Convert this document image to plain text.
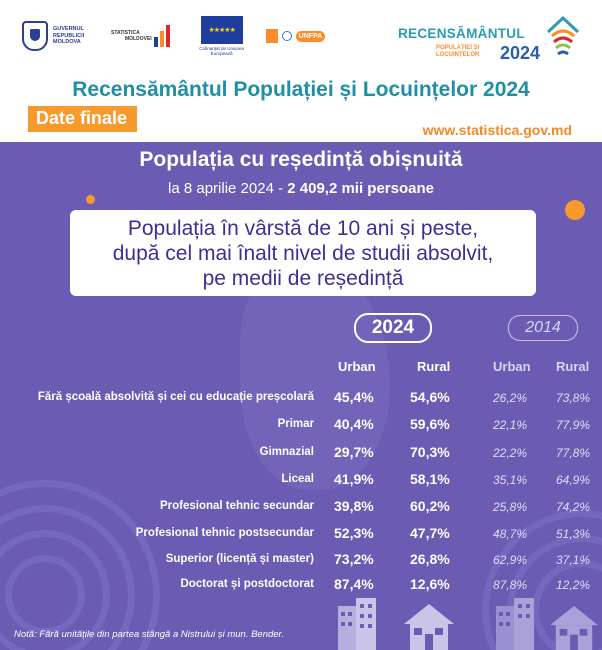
GUVERNUL REPUBLICII MOLDOVA
STATISTICA
MOLDOVEI
★★★★★
Cofinanțat de Uniunea Europeană
UNFPA	RECENSĂMÂNTUL
POPULAȚIEI ȘI
LOCUINȚELOR 2024
Recensământul Populației și Locuințelor 2024
Date finale
www.statistica.gov.md
Populația cu reședință obișnuită
la 8 aprilie 2024 - 2 409,2 mii persoane
Populația în vârstă de 10 ani și peste,
după cel mai înalt nivel de studii absolvit,
pe medii de reședință
2024	2014
Urban	Rural	Urban Rural
Fără școală absolvită și cei cu educație preșcolară 45,4%	54,6%	26,2% 73,8%
Primar 40,4%	59,6%	22,1% 77,9%
Gimnazial 29,7%	70,3%	22,2% 77,8%
Liceal 41,9%	58,1%	35,1% 64,9%
Profesional tehnic secundar 39,8%	60,2%	25,8% 74,2%
Profesional tehnic postsecundar 52,3%	47,7%	48,7% 51,3%
Superior (licență și master) 73,2%	26,8%	62,9% 37,1%
Doctorat și postdoctorat 87,4%	12,6%	87,8% 12,2%
Notă: Fără unitățile din partea stângă a Nistrului și mun. Bender.
